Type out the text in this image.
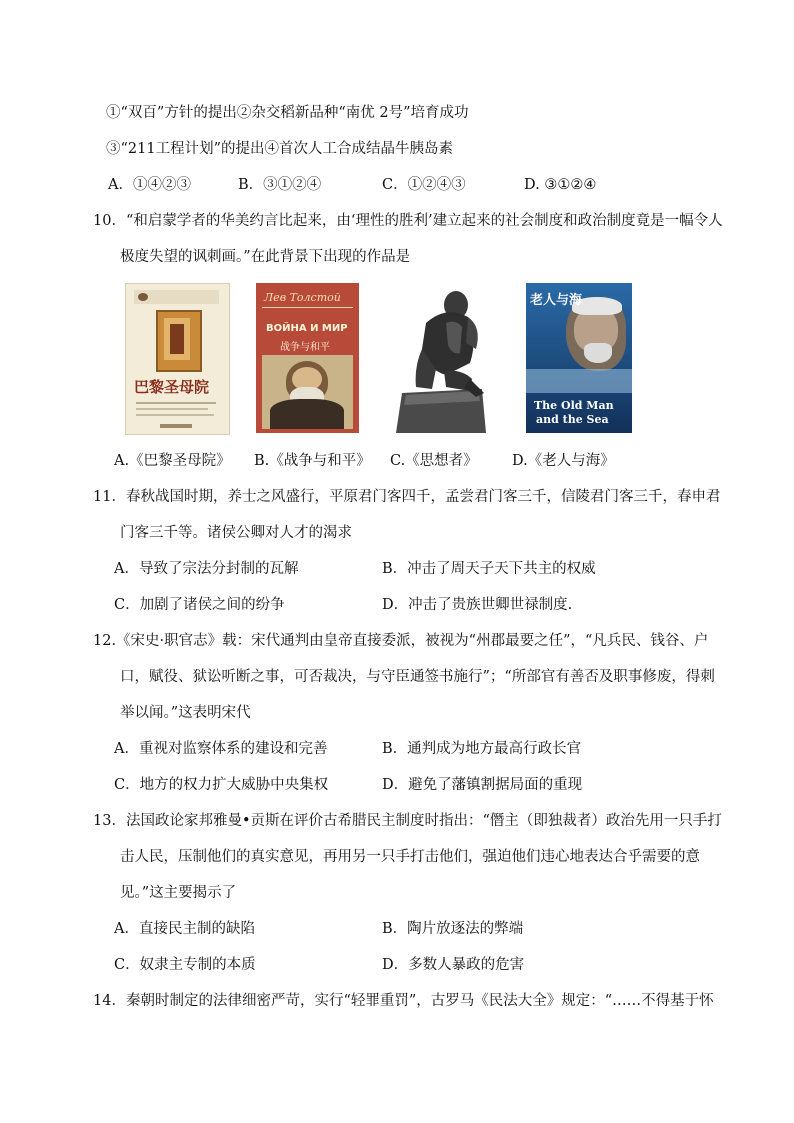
①“双百”方针的提出②杂交稻新品种“南优 2号”培育成功
③“211工程计划”的提出④首次人工合成结晶牛胰岛素
A．①④②③	B．③①②④	C．①②④③	D. ③①②④
10．“和启蒙学者的华美约言比起来，由‘理性的胜利’建立起来的社会制度和政治制度竟是一幅令人
极度失望的讽刺画。”在此背景下出现的作品是
巴黎圣母院
Лев Толстой
ВОЙНА И МИР
战争与和平
老人与海
The Old Man
and the Sea
A.《巴黎圣母院》 B.《战争与和平》 C.《思想者》 D.《老人与海》
11．春秋战国时期，养士之风盛行，平原君门客四千，孟尝君门客三千，信陵君门客三千，春申君
门客三千等。诸侯公卿对人才的渴求
A．导致了宗法分封制的瓦解	B．冲击了周天子天下共主的权威
C．加剧了诸侯之间的纷争	D．冲击了贵族世卿世禄制度.
12.《宋史·职官志》载：宋代通判由皇帝直接委派，被视为“州郡最要之任”，“凡兵民、钱谷、户
口，赋役、狱讼听断之事，可否裁决，与守臣通签书施行”；“所部官有善否及职事修废，得刺
举以闻。”这表明宋代
A．重视对监察体系的建设和完善	B．通判成为地方最高行政长官
C．地方的权力扩大威胁中央集权	D．避免了藩镇割据局面的重现
13．法国政论家邦雅曼•贡斯在评价古希腊民主制度时指出：“僭主（即独裁者）政治先用一只手打
击人民，压制他们的真实意见，再用另一只手打击他们，强迫他们违心地表达合乎需要的意
见。”这主要揭示了
A．直接民主制的缺陷	B．陶片放逐法的弊端
C．奴隶主专制的本质	D．多数人暴政的危害
14．秦朝时制定的法律细密严苛，实行“轻罪重罚”，古罗马《民法大全》规定：“……不得基于怀
